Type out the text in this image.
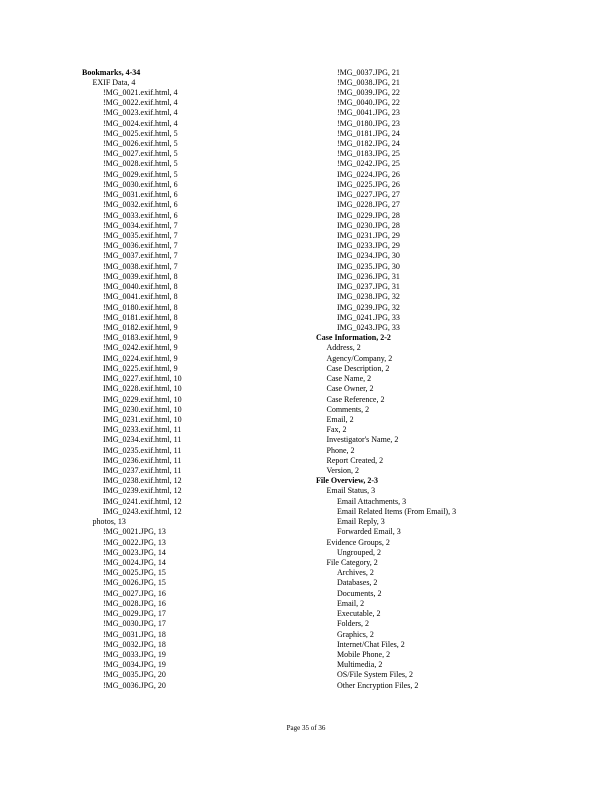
Bookmarks, 4-34
EXIF Data, 4
!MG_0021.exif.html, 4
!MG_0022.exif.html, 4
!MG_0023.exif.html, 4
!MG_0024.exif.html, 4
!MG_0025.exif.html, 5
!MG_0026.exif.html, 5
!MG_0027.exif.html, 5
!MG_0028.exif.html, 5
!MG_0029.exif.html, 5
!MG_0030.exif.html, 6
!MG_0031.exif.html, 6
!MG_0032.exif.html, 6
!MG_0033.exif.html, 6
!MG_0034.exif.html, 7
!MG_0035.exif.html, 7
!MG_0036.exif.html, 7
!MG_0037.exif.html, 7
!MG_0038.exif.html, 7
!MG_0039.exif.html, 8
!MG_0040.exif.html, 8
!MG_0041.exif.html, 8
!MG_0180.exif.html, 8
!MG_0181.exif.html, 8
!MG_0182.exif.html, 9
!MG_0183.exif.html, 9
!MG_0242.exif.html, 9
IMG_0224.exif.html, 9
IMG_0225.exif.html, 9
IMG_0227.exif.html, 10
IMG_0228.exif.html, 10
IMG_0229.exif.html, 10
IMG_0230.exif.html, 10
IMG_0231.exif.html, 10
IMG_0233.exif.html, 11
IMG_0234.exif.html, 11
IMG_0235.exif.html, 11
IMG_0236.exif.html, 11
IMG_0237.exif.html, 11
IMG_0238.exif.html, 12
IMG_0239.exif.html, 12
IMG_0241.exif.html, 12
IMG_0243.exif.html, 12
photos, 13
!MG_0021.JPG, 13
!MG_0022.JPG, 13
!MG_0023.JPG, 14
!MG_0024.JPG, 14
!MG_0025.JPG, 15
!MG_0026.JPG, 15
!MG_0027.JPG, 16
!MG_0028.JPG, 16
!MG_0029.JPG, 17
!MG_0030.JPG, 17
!MG_0031.JPG, 18
!MG_0032.JPG, 18
!MG_0033.JPG, 19
!MG_0034.JPG, 19
!MG_0035.JPG, 20
!MG_0036.JPG, 20
!MG_0037.JPG, 21
!MG_0038.JPG, 21
!MG_0039.JPG, 22
!MG_0040.JPG, 22
!MG_0041.JPG, 23
!MG_0180.JPG, 23
!MG_0181.JPG, 24
!MG_0182.JPG, 24
!MG_0183.JPG, 25
!MG_0242.JPG, 25
IMG_0224.JPG, 26
IMG_0225.JPG, 26
IMG_0227.JPG, 27
IMG_0228.JPG, 27
IMG_0229.JPG, 28
IMG_0230.JPG, 28
IMG_0231.JPG, 29
IMG_0233.JPG, 29
IMG_0234.JPG, 30
IMG_0235.JPG, 30
IMG_0236.JPG, 31
IMG_0237.JPG, 31
IMG_0238.JPG, 32
IMG_0239.JPG, 32
IMG_0241.JPG, 33
IMG_0243.JPG, 33
Case Information, 2-2
Address, 2
Agency/Company, 2
Case Description, 2
Case Name, 2
Case Owner, 2
Case Reference, 2
Comments, 2
Email, 2
Fax, 2
Investigator's Name, 2
Phone, 2
Report Created, 2
Version, 2
File Overview, 2-3
Email Status, 3
Email Attachments, 3
Email Related Items (From Email), 3
Email Reply, 3
Forwarded Email, 3
Evidence Groups, 2
Ungrouped, 2
File Category, 2
Archives, 2
Databases, 2
Documents, 2
Email, 2
Executable, 2
Folders, 2
Graphics, 2
Internet/Chat Files, 2
Mobile Phone, 2
Multimedia, 2
OS/File System Files, 2
Other Encryption Files, 2
Page 35 of 36
